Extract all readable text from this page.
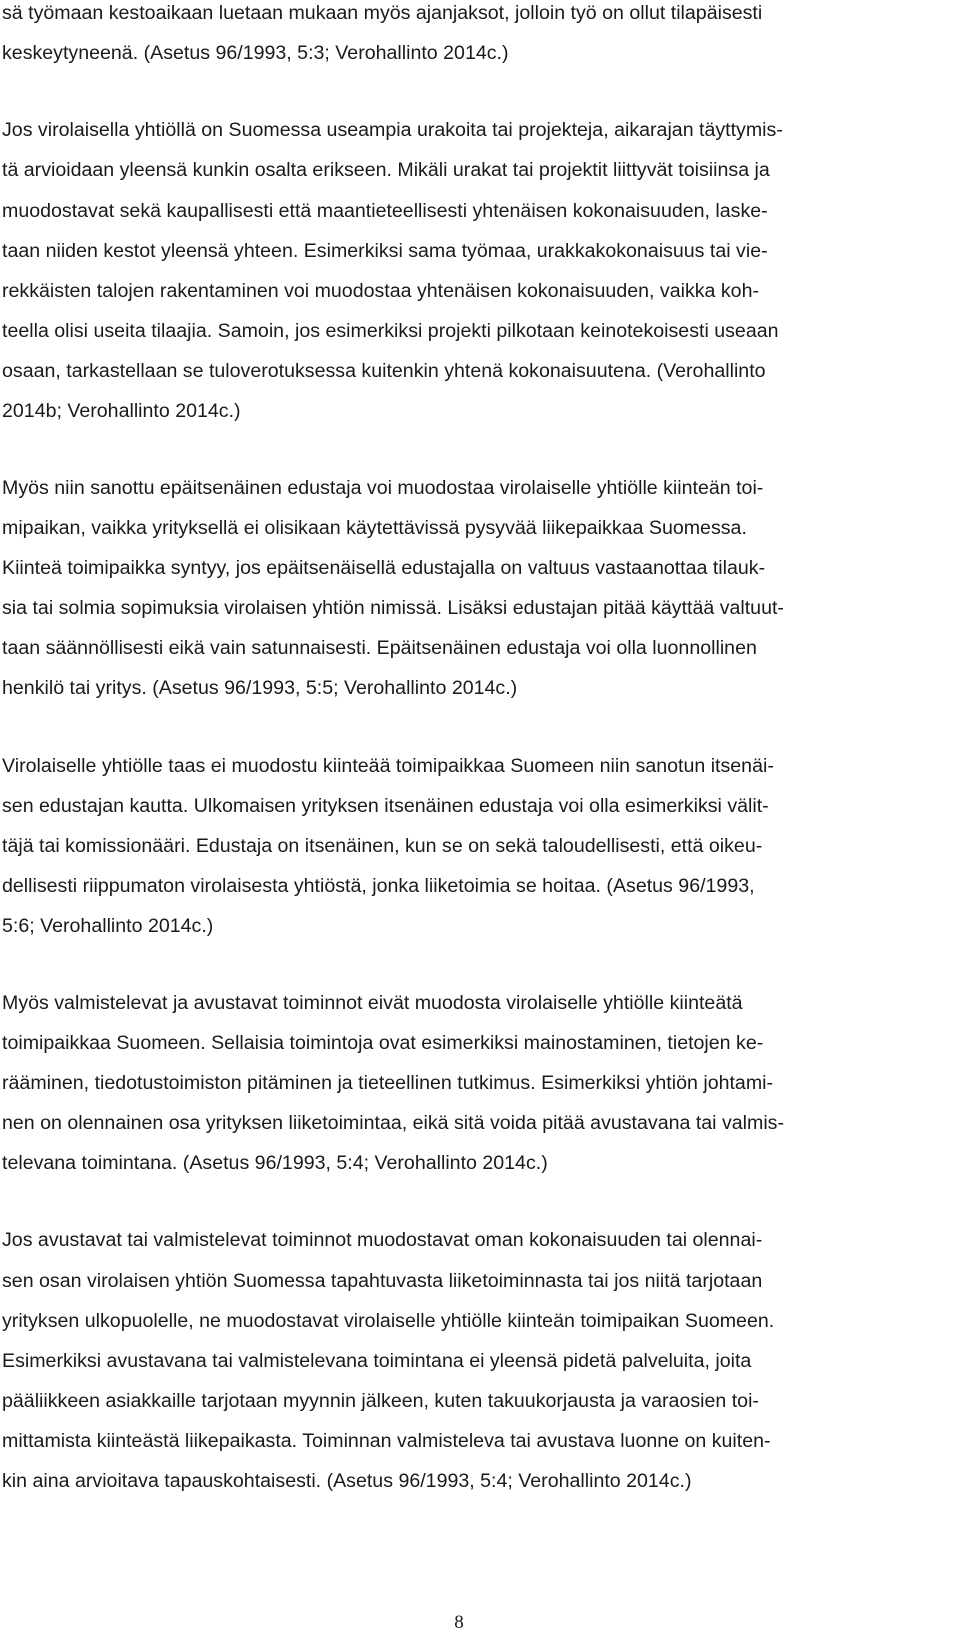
sä työmaan kestoaikaan luetaan mukaan myös ajanjaksot, jolloin työ on ollut tilapäisesti
keskeytyneenä. (Asetus 96/1993, 5:3; Verohallinto 2014c.)
Jos virolaisella yhtiöllä on Suomessa useampia urakoita tai projekteja, aikarajan täyttymis-
tä arvioidaan yleensä kunkin osalta erikseen. Mikäli urakat tai projektit liittyvät toisiinsa ja
muodostavat sekä kaupallisesti että maantieteellisesti yhtenäisen kokonaisuuden, laske-
taan niiden kestot yleensä yhteen. Esimerkiksi sama työmaa, urakkakokonaisuus tai vie-
rekkäisten talojen rakentaminen voi muodostaa yhtenäisen kokonaisuuden, vaikka koh-
teella olisi useita tilaajia. Samoin, jos esimerkiksi projekti pilkotaan keinotekoisesti useaan
osaan, tarkastellaan se tuloverotuksessa kuitenkin yhtenä kokonaisuutena. (Verohallinto
2014b; Verohallinto 2014c.)
Myös niin sanottu epäitsenäinen edustaja voi muodostaa virolaiselle yhtiölle kiinteän toi-
mipaikan, vaikka yrityksellä ei olisikaan käytettävissä pysyvää liikepaikkaa Suomessa.
Kiinteä toimipaikka syntyy, jos epäitsenäisellä edustajalla on valtuus vastaanottaa tilauk-
sia tai solmia sopimuksia virolaisen yhtiön nimissä. Lisäksi edustajan pitää käyttää valtuut-
taan säännöllisesti eikä vain satunnaisesti. Epäitsenäinen edustaja voi olla luonnollinen
henkilö tai yritys. (Asetus 96/1993, 5:5; Verohallinto 2014c.)
Virolaiselle yhtiölle taas ei muodostu kiinteää toimipaikkaa Suomeen niin sanotun itsenäi-
sen edustajan kautta. Ulkomaisen yrityksen itsenäinen edustaja voi olla esimerkiksi välit-
täjä tai komissionääri. Edustaja on itsenäinen, kun se on sekä taloudellisesti, että oikeu-
dellisesti riippumaton virolaisesta yhtiöstä, jonka liiketoimia se hoitaa. (Asetus 96/1993,
5:6; Verohallinto 2014c.)
Myös valmistelevat ja avustavat toiminnot eivät muodosta virolaiselle yhtiölle kiinteätä
toimipaikkaa Suomeen. Sellaisia toimintoja ovat esimerkiksi mainostaminen, tietojen ke-
rääminen, tiedotustoimiston pitäminen ja tieteellinen tutkimus. Esimerkiksi yhtiön johtami-
nen on olennainen osa yrityksen liiketoimintaa, eikä sitä voida pitää avustavana tai valmis-
televana toimintana. (Asetus 96/1993, 5:4; Verohallinto 2014c.)
Jos avustavat tai valmistelevat toiminnot muodostavat oman kokonaisuuden tai olennai-
sen osan virolaisen yhtiön Suomessa tapahtuvasta liiketoiminnasta tai jos niitä tarjotaan
yrityksen ulkopuolelle, ne muodostavat virolaiselle yhtiölle kiinteän toimipaikan Suomeen.
Esimerkiksi avustavana tai valmistelevana toimintana ei yleensä pidetä palveluita, joita
pääliikkeen asiakkaille tarjotaan myynnin jälkeen, kuten takuukorjausta ja varaosien toi-
mittamista kiinteästä liikepaikasta. Toiminnan valmisteleva tai avustava luonne on kuiten-
kin aina arvioitava tapauskohtaisesti. (Asetus 96/1993, 5:4; Verohallinto 2014c.)
8
